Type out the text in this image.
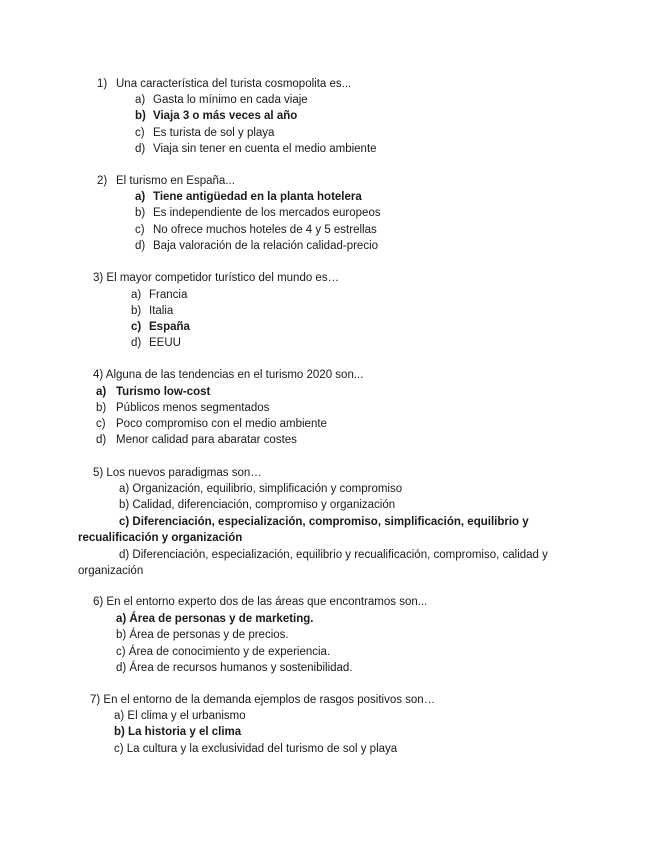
1) Una característica del turista cosmopolita es...
a) Gasta lo mínimo en cada viaje
b) Viaja 3 o más veces al año
c) Es turista de sol y playa
d) Viaja sin tener en cuenta el medio ambiente
2) El turismo en España...
a) Tiene antigüedad en la planta hotelera
b) Es independiente de los mercados europeos
c) No ofrece muchos hoteles de 4 y 5 estrellas
d) Baja valoración de la relación calidad-precio
3) El mayor competidor turístico del mundo es…
a) Francia
b) Italia
c) España
d) EEUU
4) Alguna de las tendencias en el turismo 2020 son...
a) Turismo low-cost
b) Públicos menos segmentados
c) Poco compromiso con el medio ambiente
d) Menor calidad para abaratar costes
5) Los nuevos paradigmas son…
a) Organización, equilibrio, simplificación y compromiso
b) Calidad, diferenciación, compromiso y organización
c) Diferenciación, especialización, compromiso, simplificación, equilibrio y recualificación y organización
d) Diferenciación, especialización, equilibrio y recualificación, compromiso, calidad y organización
6) En el entorno experto dos de las áreas que encontramos son...
a) Área de personas y de marketing.
b) Área de personas y de precios.
c) Área de conocimiento y de experiencia.
d) Área de recursos humanos y sostenibilidad.
7) En el entorno de la demanda ejemplos de rasgos positivos son…
a) El clima y el urbanismo
b) La historia y el clima
c) La cultura y la exclusividad del turismo de sol y playa
